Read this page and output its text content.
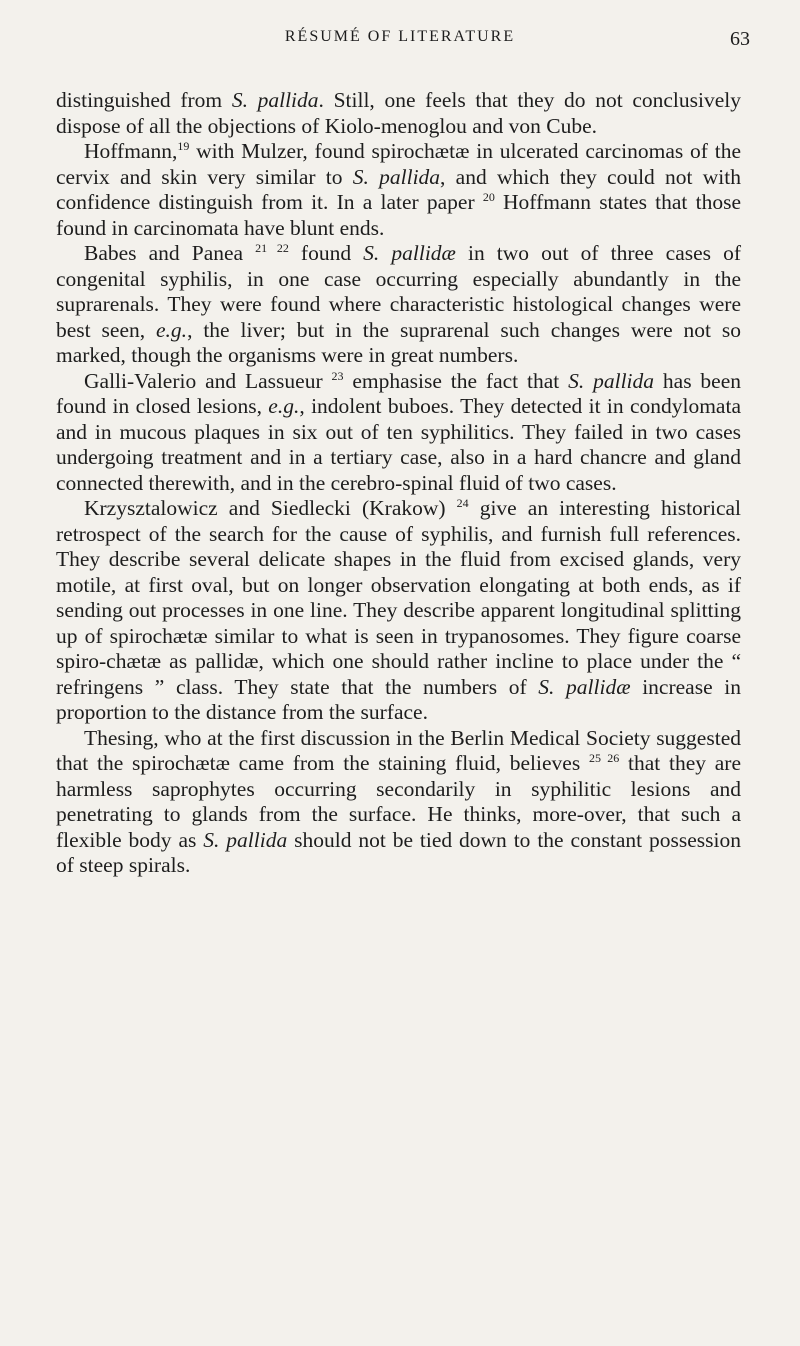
RÉSUMÉ OF LITERATURE	63

distinguished from S. pallida. Still, one feels that they do not conclusively dispose of all the objections of Kiolo-menoglou and von Cube.

Hoffmann,$^{19}$ with Mulzer, found spirochætæ in ulcerated carcinomas of the cervix and skin very similar to S. pallida, and which they could not with confidence distinguish from it. In a later paper $^{20}$ Hoffmann states that those found in carcinomata have blunt ends.

Babes and Panea $^{21 22}$ found S. pallidæ in two out of three cases of congenital syphilis, in one case occurring especially abundantly in the suprarenals. They were found where characteristic histological changes were best seen, e.g., the liver; but in the suprarenal such changes were not so marked, though the organisms were in great numbers.

Galli-Valerio and Lassueur $^{23}$ emphasise the fact that S. pallida has been found in closed lesions, e.g., indolent buboes. They detected it in condylomata and in mucous plaques in six out of ten syphilitics. They failed in two cases undergoing treatment and in a tertiary case, also in a hard chancre and gland connected therewith, and in the cerebro-spinal fluid of two cases.

Krzysztalowicz and Siedlecki (Krakow) $^{24}$ give an interesting historical retrospect of the search for the cause of syphilis, and furnish full references. They describe several delicate shapes in the fluid from excised glands, very motile, at first oval, but on longer observation elongating at both ends, as if sending out processes in one line. They describe apparent longitudinal splitting up of spirochætæ similar to what is seen in trypanosomes. They figure coarse spiro-chætæ as pallidæ, which one should rather incline to place under the “ refringens ” class. They state that the numbers of S. pallidæ increase in proportion to the distance from the surface.

Thesing, who at the first discussion in the Berlin Medical Society suggested that the spirochætæ came from the staining fluid, believes $^{25 26}$ that they are harmless saprophytes occurring secondarily in syphilitic lesions and penetrating to glands from the surface. He thinks, more-over, that such a flexible body as S. pallida should not be tied down to the constant possession of steep spirals.
